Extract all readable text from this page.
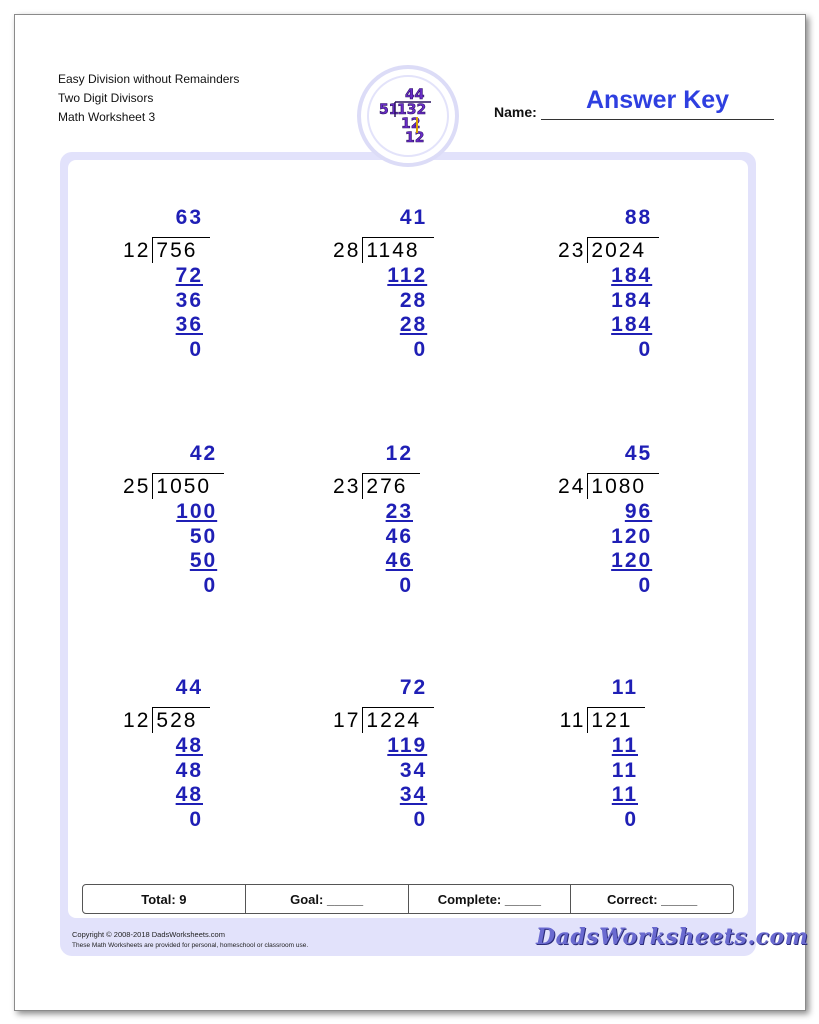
Easy Division without Remainders
Two Digit Divisors
Math Worksheet 3
44
51
132
12
12
Name:	Answer Key
12 756
63
72
36
36
0
28 1148
41
112
28
28
0
23 2024
88
184
184
184
0
25 1050
42
100
50
50
0
23 276
12
23
46
46
0
24 1080
45
96
120
120
0
12 528
44
48
48
48
0
17 1224
72
119
34
34
0
11 121
11
11
11
11
0
Total: 9	Goal: _____	Complete: _____	Correct: _____
Copyright © 2008-2018 DadsWorksheets.com
These Math Worksheets are provided for personal, homeschool or classroom use.	DadsWorksheets.com
